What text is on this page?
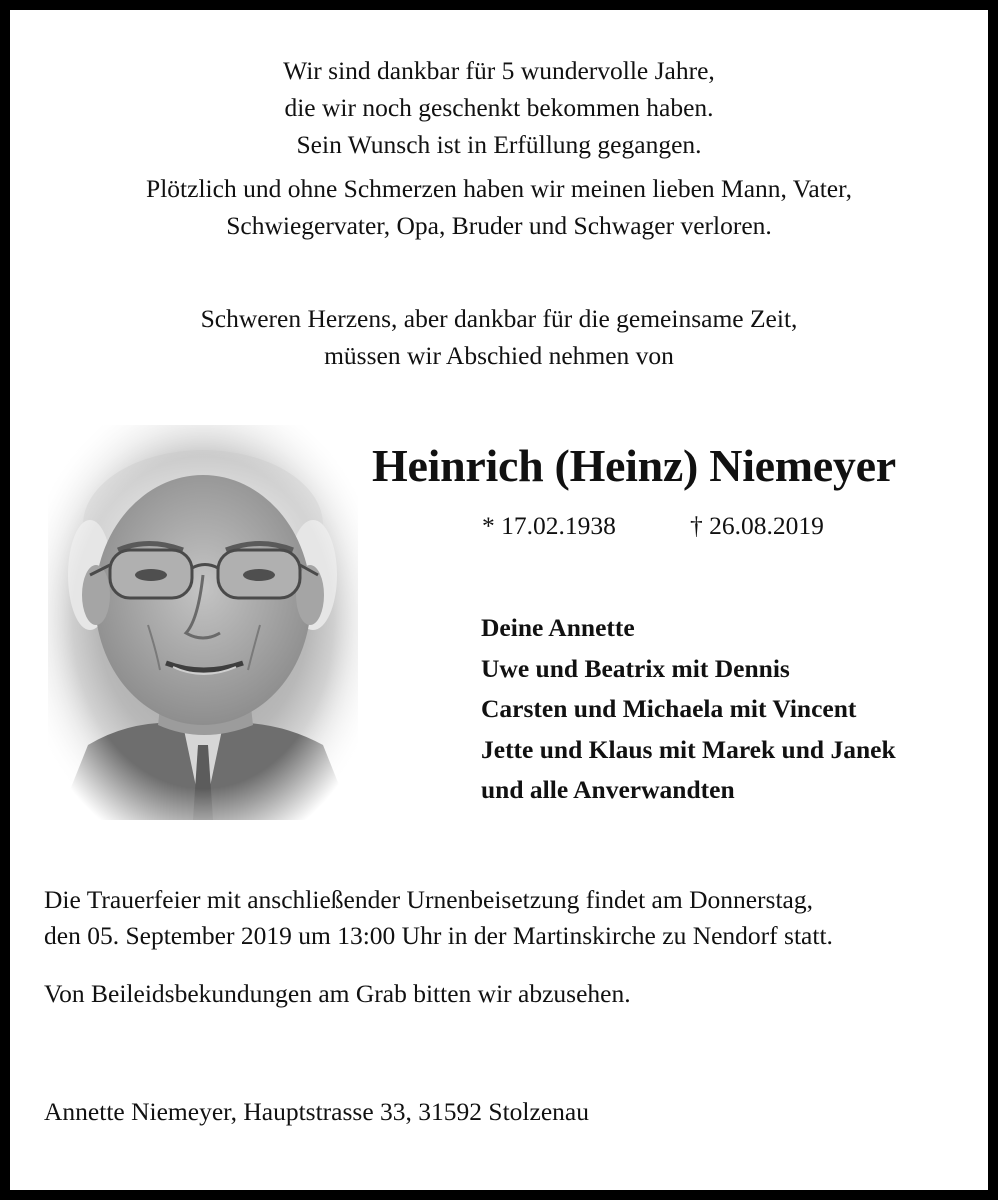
Wir sind dankbar für 5 wundervolle Jahre,
die wir noch geschenkt bekommen haben.
Sein Wunsch ist in Erfüllung gegangen.
Plötzlich und ohne Schmerzen haben wir meinen lieben Mann, Vater,
Schwiegervater, Opa, Bruder und Schwager verloren.
Schweren Herzens, aber dankbar für die gemeinsame Zeit,
müssen wir Abschied nehmen von
Heinrich (Heinz) Niemeyer
* 17.02.1938	† 26.08.2019
Deine Annette
Uwe und Beatrix mit Dennis
Carsten und Michaela mit Vincent
Jette und Klaus mit Marek und Janek
und alle Anverwandten
Die Trauerfeier mit anschließender Urnenbeisetzung findet am Donnerstag,
den 05. September 2019 um 13:00 Uhr in der Martinskirche zu Nendorf statt.
Von Beileidsbekundungen am Grab bitten wir abzusehen.
Annette Niemeyer, Hauptstrasse 33, 31592 Stolzenau
